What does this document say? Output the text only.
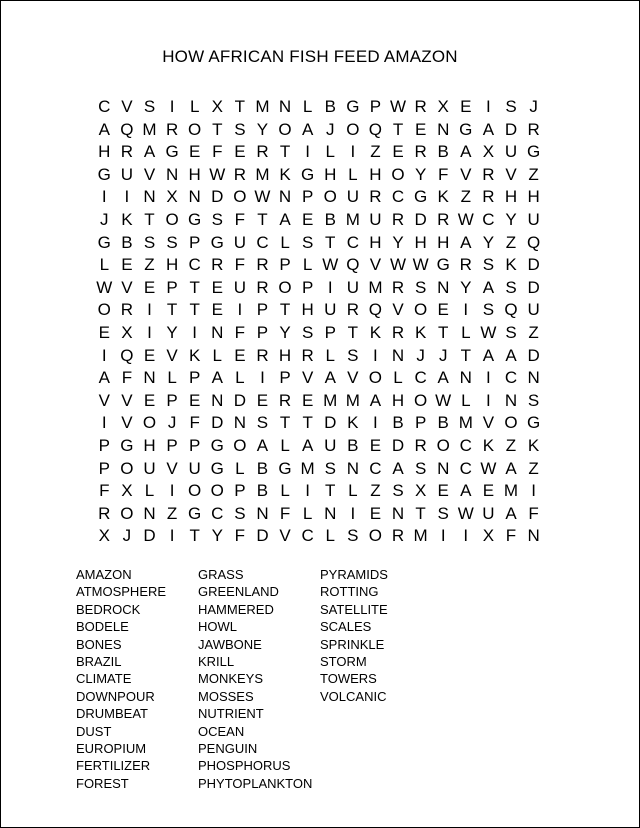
HOW AFRICAN FISH FEED AMAZON
C V S I L X T M N L B G P W R X E I S J
A Q M R O T S Y O A J O Q T E N G A D R
H R A G E F E R T I L I Z E R B A X U G
G U V N H W R M K G H L H O Y F V R V Z
I	I N X N D O W N P O U R C G K Z R H H
J K T O G S F T A E B M U R D R W C Y U
G B S S P G U C L S T C H Y H H A Y Z Q
L E Z H C R F R P L W Q V W W G R S K D
W V E P T E U R O P I U M R S N Y A S D
O R I T T E I P T H U R Q V O E I S Q U
E X I Y I N F P Y S P T K R K T L W S Z
I Q E V K L E R H R L S I N J J T A A D
A F N L P A L I P V A V O L C A N I C N
V V E P E N D E R E M M A H O W L I N S
I V O J F D N S T T D K I B P B M V O G
P G H P P G O A L A U B E D R O C K Z K
P O U V U G L B G M S N C A S N C W A Z
F X L I O O P B L I T L Z S X E A E M I
R O N Z G C S N F L N I E N T S W U A F
X J D I T Y F D V C L S O R M I	I X F N
AMAZON
ATMOSPHERE
BEDROCK
BODELE
BONES
BRAZIL
CLIMATE
DOWNPOUR
DRUMBEAT
DUST
EUROPIUM
FERTILIZER
FOREST
GRASS
GREENLAND
HAMMERED
HOWL
JAWBONE
KRILL
MONKEYS
MOSSES
NUTRIENT
OCEAN
PENGUIN
PHOSPHORUS
PHYTOPLANKTON
PYRAMIDS
ROTTING
SATELLITE
SCALES
SPRINKLE
STORM
TOWERS
VOLCANIC
